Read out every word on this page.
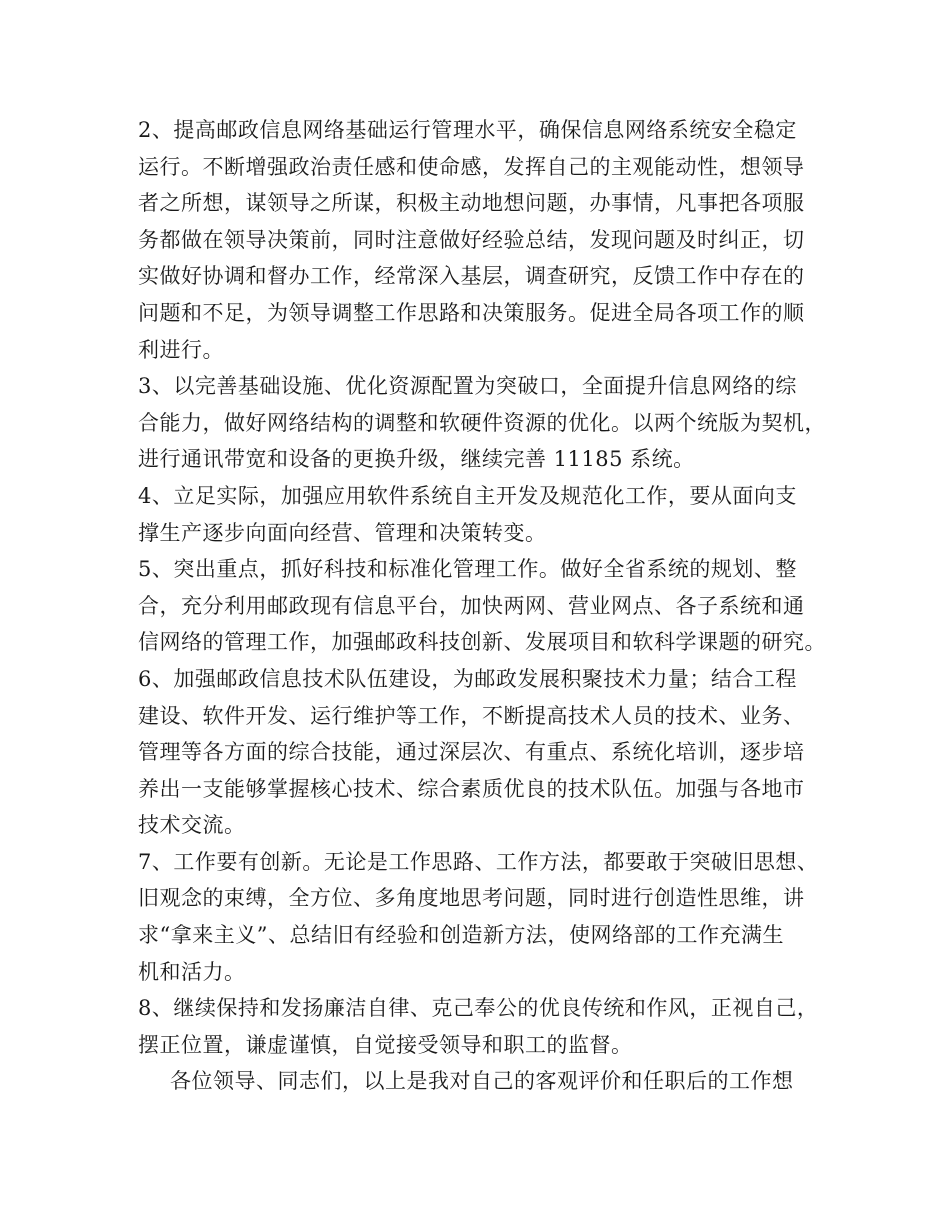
2、提高邮政信息网络基础运行管理水平，确保信息网络系统安全稳定
运行。不断增强政治责任感和使命感，发挥自己的主观能动性，想领导
者之所想，谋领导之所谋，积极主动地想问题，办事情，凡事把各项服
务都做在领导决策前，同时注意做好经验总结，发现问题及时纠正，切
实做好协调和督办工作，经常深入基层，调查研究，反馈工作中存在的
问题和不足，为领导调整工作思路和决策服务。促进全局各项工作的顺
利进行。
3、以完善基础设施、优化资源配置为突破口，全面提升信息网络的综
合能力，做好网络结构的调整和软硬件资源的优化。以两个统版为契机，
进行通讯带宽和设备的更换升级，继续完善 11185 系统。
4、立足实际，加强应用软件系统自主开发及规范化工作，要从面向支
撑生产逐步向面向经营、管理和决策转变。
5、突出重点，抓好科技和标准化管理工作。做好全省系统的规划、整
合，充分利用邮政现有信息平台，加快两网、营业网点、各子系统和通
信网络的管理工作，加强邮政科技创新、发展项目和软科学课题的研究。
6、加强邮政信息技术队伍建设，为邮政发展积聚技术力量；结合工程
建设、软件开发、运行维护等工作，不断提高技术人员的技术、业务、
管理等各方面的综合技能，通过深层次、有重点、系统化培训，逐步培
养出一支能够掌握核心技术、综合素质优良的技术队伍。加强与各地市
技术交流。
7、工作要有创新。无论是工作思路、工作方法，都要敢于突破旧思想、
旧观念的束缚，全方位、多角度地思考问题，同时进行创造性思维，讲
求“拿来主义”、总结旧有经验和创造新方法，使网络部的工作充满生
机和活力。
8、继续保持和发扬廉洁自律、克己奉公的优良传统和作风，正视自己，
摆正位置，谦虚谨慎，自觉接受领导和职工的监督。
各位领导、同志们，以上是我对自己的客观评价和任职后的工作想
